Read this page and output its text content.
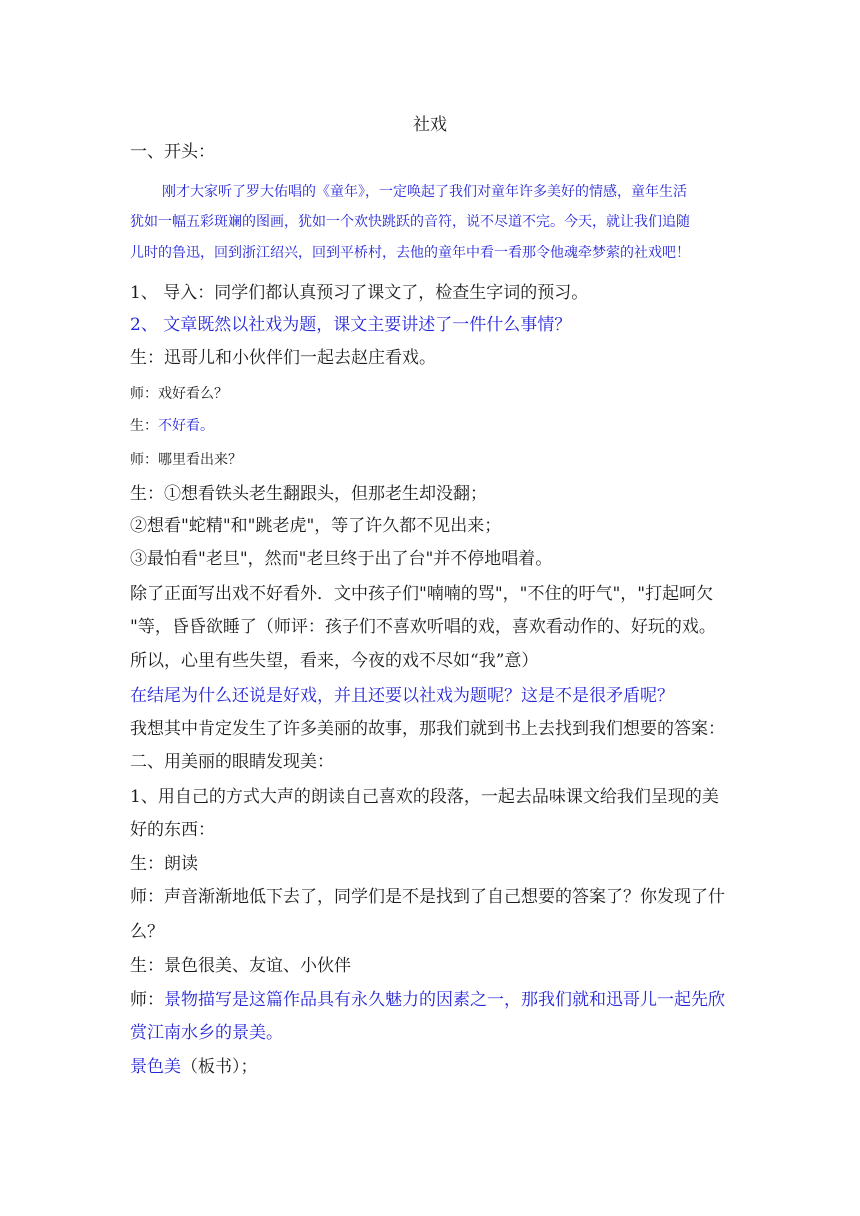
社戏
一、开头：
刚才大家听了罗大佑唱的《童年》，一定唤起了我们对童年许多美好的情感，童年生活
犹如一幅五彩斑斓的图画，犹如一个欢快跳跃的音符，说不尽道不完。今天，就让我们追随
儿时的鲁迅，回到浙江绍兴，回到平桥村，去他的童年中看一看那令他魂牵梦萦的社戏吧！
1、 导入：同学们都认真预习了课文了，检查生字词的预习。
2、 文章既然以社戏为题，课文主要讲述了一件什么事情？
生：迅哥儿和小伙伴们一起去赵庄看戏。
师：戏好看么？
生：不好看。
师：哪里看出来？
生：①想看铁头老生翻跟头，但那老生却没翻；
②想看"蛇精"和"跳老虎"，等了许久都不见出来；
③最怕看"老旦"，然而"老旦终于出了台"并不停地唱着。
除了正面写出戏不好看外．文中孩子们"喃喃的骂"，"不住的吁气"，"打起呵欠
"等，昏昏欲睡了（师评：孩子们不喜欢听唱的戏，喜欢看动作的、好玩的戏。
所以，心里有些失望，看来，今夜的戏不尽如“我”意）
在结尾为什么还说是好戏，并且还要以社戏为题呢？这是不是很矛盾呢？
我想其中肯定发生了许多美丽的故事，那我们就到书上去找到我们想要的答案：
二、用美丽的眼睛发现美：
1、用自己的方式大声的朗读自己喜欢的段落，一起去品味课文给我们呈现的美
好的东西：
生：朗读
师：声音渐渐地低下去了，同学们是不是找到了自己想要的答案了？你发现了什
么？
生：景色很美、友谊、小伙伴
师：景物描写是这篇作品具有永久魅力的因素之一，那我们就和迅哥儿一起先欣
赏江南水乡的景美。
景色美（板书）；
